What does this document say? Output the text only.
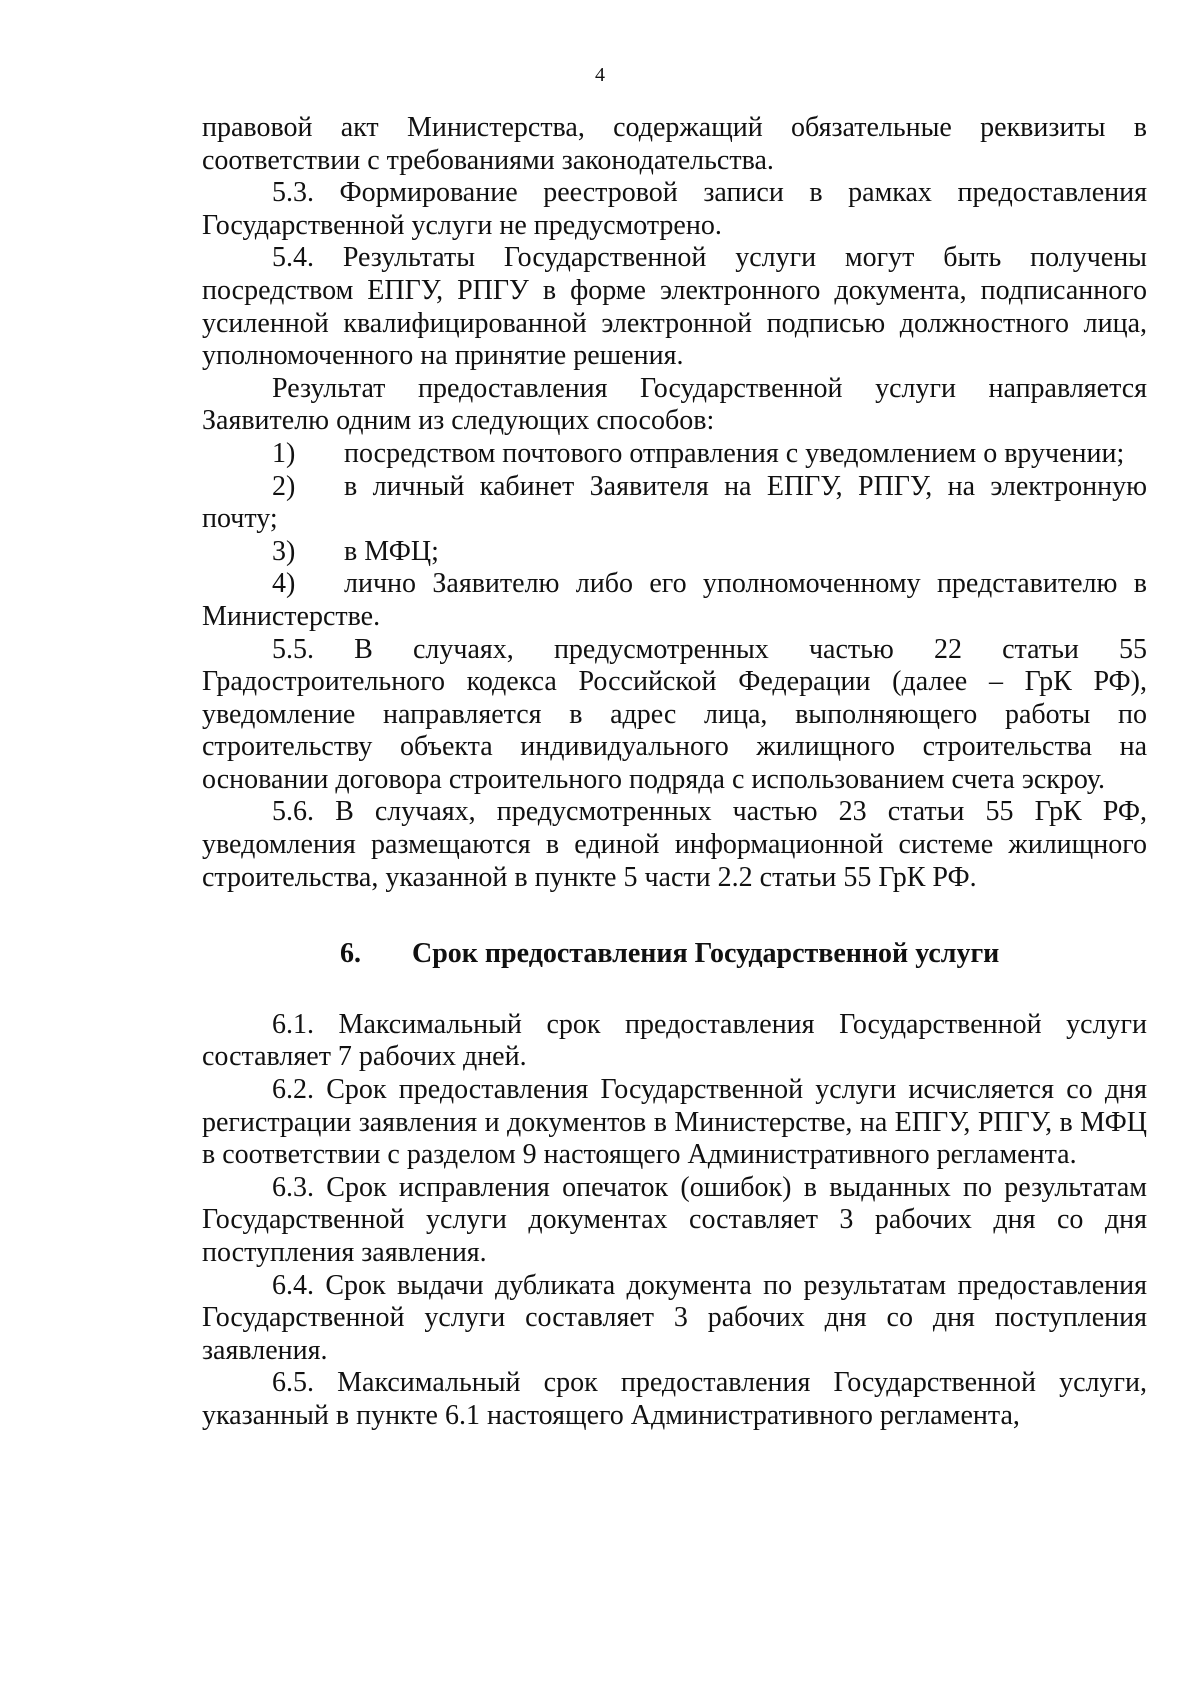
4

правовой акт Министерства, содержащий обязательные реквизиты в соответствии с требованиями законодательства.

5.3. Формирование реестровой записи в рамках предоставления Государственной услуги не предусмотрено.

5.4. Результаты Государственной услуги могут быть получены посредством ЕПГУ, РПГУ в форме электронного документа, подписанного усиленной квалифицированной электронной подписью должностного лица, уполномоченного на принятие решения.

Результат предоставления Государственной услуги направляется Заявителю одним из следующих способов:

1) посредством почтового отправления с уведомлением о вручении;

2) в личный кабинет Заявителя на ЕПГУ, РПГУ, на электронную почту;

3) в МФЦ;

4) лично Заявителю либо его уполномоченному представителю в Министерстве.

5.5. В случаях, предусмотренных частью 22 статьи 55 Градостроительного кодекса Российской Федерации (далее – ГрК РФ), уведомление направляется в адрес лица, выполняющего работы по строительству объекта индивидуального жилищного строительства на основании договора строительного подряда с использованием счета эскроу.

5.6. В случаях, предусмотренных частью 23 статьи 55 ГрК РФ, уведомления размещаются в единой информационной системе жилищного строительства, указанной в пункте 5 части 2.2 статьи 55 ГрК РФ.

6. Срок предоставления Государственной услуги

6.1. Максимальный срок предоставления Государственной услуги составляет 7 рабочих дней.

6.2. Срок предоставления Государственной услуги исчисляется со дня регистрации заявления и документов в Министерстве, на ЕПГУ, РПГУ, в МФЦ в соответствии с разделом 9 настоящего Административного регламента.

6.3. Срок исправления опечаток (ошибок) в выданных по результатам Государственной услуги документах составляет 3 рабочих дня со дня поступления заявления.

6.4. Срок выдачи дубликата документа по результатам предоставления Государственной услуги составляет 3 рабочих дня со дня поступления заявления.

6.5. Максимальный срок предоставления Государственной услуги, указанный в пункте 6.1 настоящего Административного регламента,
